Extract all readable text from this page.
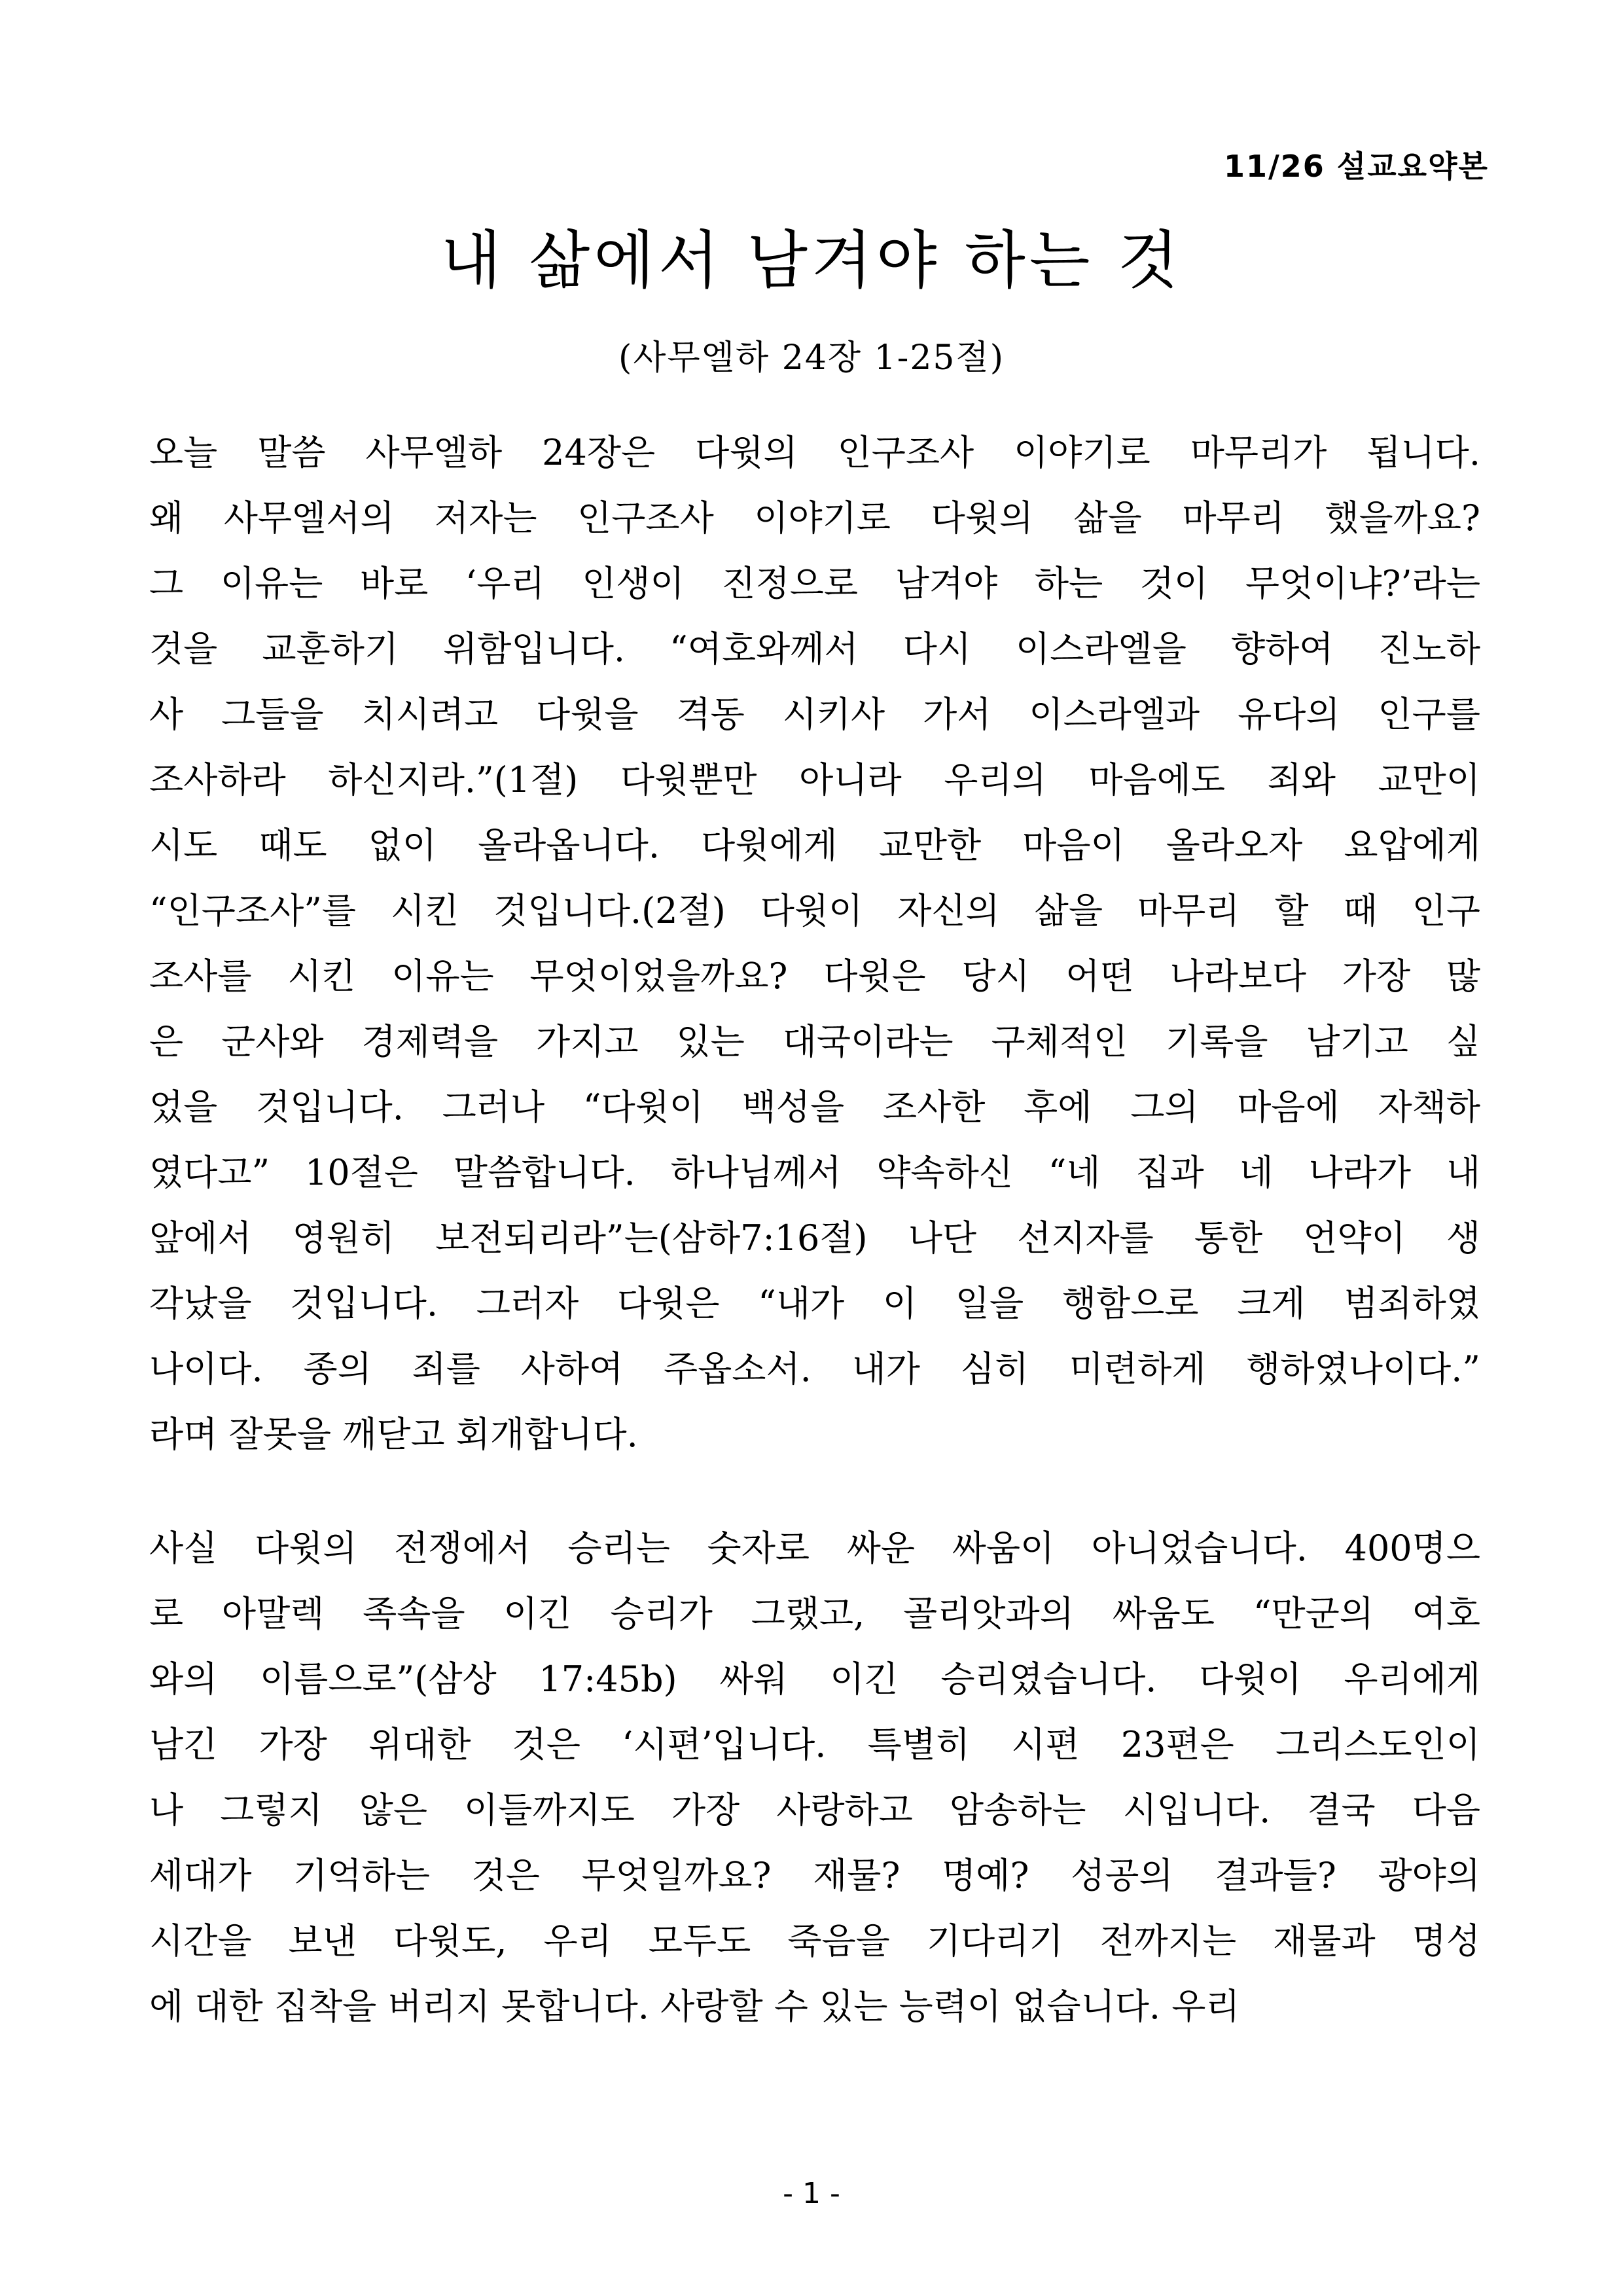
11/26 설교요약본
내 삶에서 남겨야 하는 것
(사무엘하 24장 1-25절)
오늘 말씀 사무엘하 24장은 다윗의 인구조사 이야기로 마무리가 됩니다.
왜 사무엘서의 저자는 인구조사 이야기로 다윗의 삶을 마무리 했을까요?
그 이유는 바로 ‘우리 인생이 진정으로 남겨야 하는 것이 무엇이냐?’라는
것을 교훈하기 위함입니다. “여호와께서 다시 이스라엘을 향하여 진노하
사 그들을 치시려고 다윗을 격동 시키사 가서 이스라엘과 유다의 인구를
조사하라 하신지라.”(1절) 다윗뿐만 아니라 우리의 마음에도 죄와 교만이
시도 때도 없이 올라옵니다. 다윗에게 교만한 마음이 올라오자 요압에게
“인구조사”를 시킨 것입니다.(2절) 다윗이 자신의 삶을 마무리 할 때 인구
조사를 시킨 이유는 무엇이었을까요? 다윗은 당시 어떤 나라보다 가장 많
은 군사와 경제력을 가지고 있는 대국이라는 구체적인 기록을 남기고 싶
었을 것입니다. 그러나 “다윗이 백성을 조사한 후에 그의 마음에 자책하
였다고” 10절은 말씀합니다. 하나님께서 약속하신 “네 집과 네 나라가 내
앞에서 영원히 보전되리라”는(삼하7:16절) 나단 선지자를 통한 언약이 생
각났을 것입니다. 그러자 다윗은 “내가 이 일을 행함으로 크게 범죄하였
나이다. 종의 죄를 사하여 주옵소서. 내가 심히 미련하게 행하였나이다.”
라며 잘못을 깨닫고 회개합니다.
사실 다윗의 전쟁에서 승리는 숫자로 싸운 싸움이 아니었습니다. 400명으
로 아말렉 족속을 이긴 승리가 그랬고, 골리앗과의 싸움도 “만군의 여호
와의 이름으로”(삼상 17:45b) 싸워 이긴 승리였습니다. 다윗이 우리에게
남긴 가장 위대한 것은 ‘시편’입니다. 특별히 시편 23편은 그리스도인이
나 그렇지 않은 이들까지도 가장 사랑하고 암송하는 시입니다. 결국 다음
세대가 기억하는 것은 무엇일까요? 재물? 명예? 성공의 결과들? 광야의
시간을 보낸 다윗도, 우리 모두도 죽음을 기다리기 전까지는 재물과 명성
에 대한 집착을 버리지 못합니다. 사랑할 수 있는 능력이 없습니다. 우리
- 1 -
